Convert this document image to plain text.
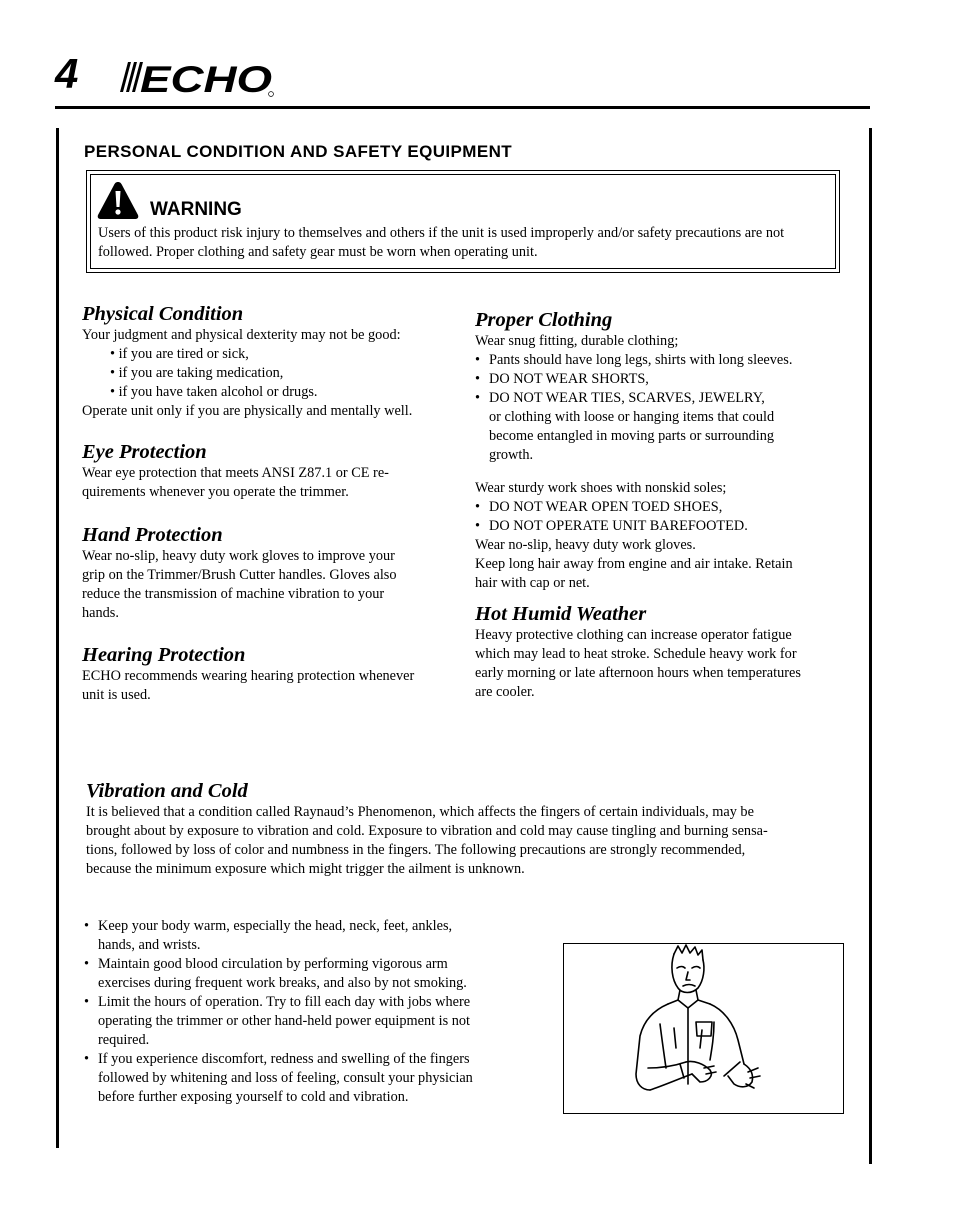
4 ECHO
PERSONAL CONDITION AND SAFETY EQUIPMENT
WARNING
Users of this product risk injury to themselves and others if the unit is used improperly and/or safety precautions are not followed. Proper clothing and safety gear must be worn when operating unit.
Physical Condition
Your judgment and physical dexterity may not be good:
• if you are tired or sick,
• if you are taking medication,
• if you have taken alcohol or drugs.
Operate unit only if you are physically and mentally well.
Eye Protection
Wear eye protection that meets ANSI Z87.1 or CE re-
quirements whenever you operate the trimmer.
Hand Protection
Wear no-slip, heavy duty work gloves to improve your
grip on the Trimmer/Brush Cutter handles. Gloves also
reduce the transmission of machine vibration to your
hands.
Hearing Protection
ECHO recommends wearing hearing protection whenever
unit is used.
Proper Clothing
Wear snug fitting, durable clothing;
• Pants should have long legs, shirts with long sleeves.
• DO NOT WEAR SHORTS,
• DO NOT WEAR TIES, SCARVES, JEWELRY,
or clothing with loose or hanging items that could
become entangled in moving parts or surrounding
growth.
Wear sturdy work shoes with nonskid soles;
• DO NOT WEAR OPEN TOED SHOES,
• DO NOT OPERATE UNIT BAREFOOTED.
Wear no-slip, heavy duty work gloves.
Keep long hair away from engine and air intake. Retain
hair with cap or net.
Hot Humid Weather
Heavy protective clothing can increase operator fatigue
which may lead to heat stroke. Schedule heavy work for
early morning or late afternoon hours when temperatures
are cooler.
Vibration and Cold
It is believed that a condition called Raynaud’s Phenomenon, which affects the fingers of certain individuals, may be
brought about by exposure to vibration and cold. Exposure to vibration and cold may cause tingling and burning sensa-
tions, followed by loss of color and numbness in the fingers. The following precautions are strongly recommended,
because the minimum exposure which might trigger the ailment is unknown.
• Keep your body warm, especially the head, neck, feet, ankles,
hands, and wrists.
• Maintain good blood circulation by performing vigorous arm
exercises during frequent work breaks, and also by not smoking.
• Limit the hours of operation. Try to fill each day with jobs where
operating the trimmer or other hand-held power equipment is not
required.
• If you experience discomfort, redness and swelling of the fingers
followed by whitening and loss of feeling, consult your physician
before further exposing yourself to cold and vibration.
